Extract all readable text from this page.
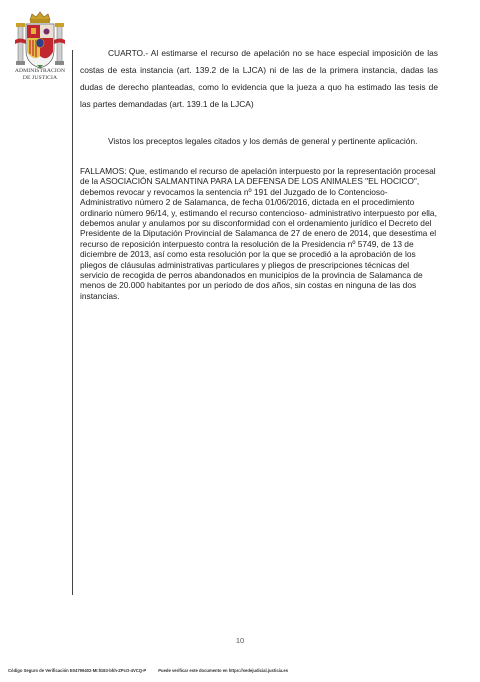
ADMINISTRACION
DE JUSTICIA
CUARTO.- Al estimarse el recurso de apelación no se hace especial imposición de las costas de esta instancia (art. 139.2 de la LJCA) ni de las de la primera instancia, dadas las dudas de derecho planteadas, como lo evidencia que la jueza a quo ha estimado las tesis de las partes demandadas (art. 139.1 de la LJCA)
Vistos los preceptos legales citados y los demás de general y pertinente aplicación.
FALLAMOS: Que, estimando el recurso de apelación interpuesto por la representación procesal de la ASOCIACIÓN SALMANTINA PARA LA DEFENSA DE LOS ANIMALES "EL HOCICO", debemos revocar y revocamos la sentencia nº 191 del Juzgado de lo Contencioso-Administrativo número 2 de Salamanca, de fecha 01/06/2016, dictada en el procedimiento ordinario número 96/14, y, estimando el recurso contencioso- administrativo interpuesto por ella, debemos anular y anulamos por su disconformidad con el ordenamiento jurídico el Decreto del Presidente de la Diputación Provincial de Salamanca de 27 de enero de 2014, que desestima el recurso de reposición interpuesto contra la resolución de la Presidencia nº 5749, de 13 de diciembre de 2013, así como esta resolución por la que se procedió a la aprobación de los pliegos de cláusulas administrativas particulares y pliegos de prescripciones técnicas del servicio de recogida de perros abandonados en municipios de la provincia de Salamanca de menos de 20.000 habitantes por un periodo de dos años, sin costas en ninguna de las dos instancias.
10
Código Seguro de Verificación E04799402-MI:lG83-bhh-ZPcO-4VCQ-P	Puede verificar este documento en https://sedejudicial.justicia.es
